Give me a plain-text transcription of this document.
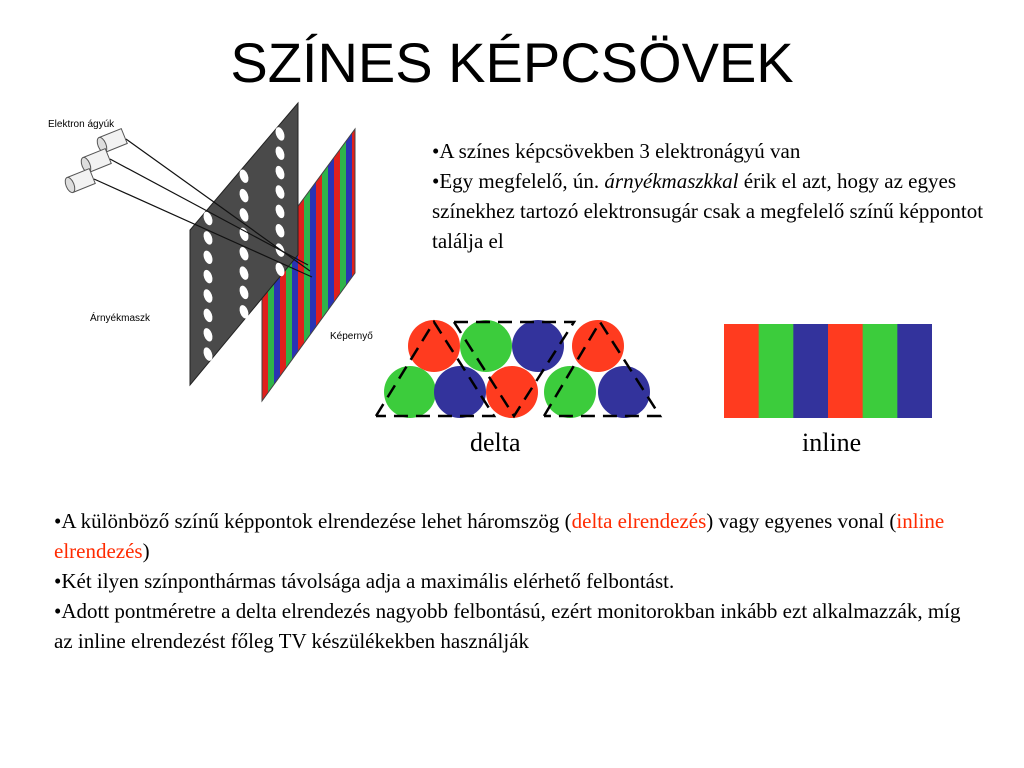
SZÍNES KÉPCSÖVEK
Elektron ágyúk
Árnyékmaszk
Képernyő

•A színes képcsövekben 3 elektronágyú van

•Egy megfelelő, ún. árnyékmaszkkal érik el azt, hogy az egyes színekhez tartozó elektronsugár csak a megfelelő színű képpontot találja el

delta	inline

•A különböző színű képpontok elrendezése lehet háromszög (delta elrendezés) vagy egyenes vonal (inline elrendezés)

•Két ilyen színponthármas távolsága adja a maximális elérhető felbontást.

•Adott pontméretre a delta elrendezés nagyobb felbontású, ezért monitorokban inkább ezt alkalmazzák, míg az inline elrendezést főleg TV készülékekben használják
